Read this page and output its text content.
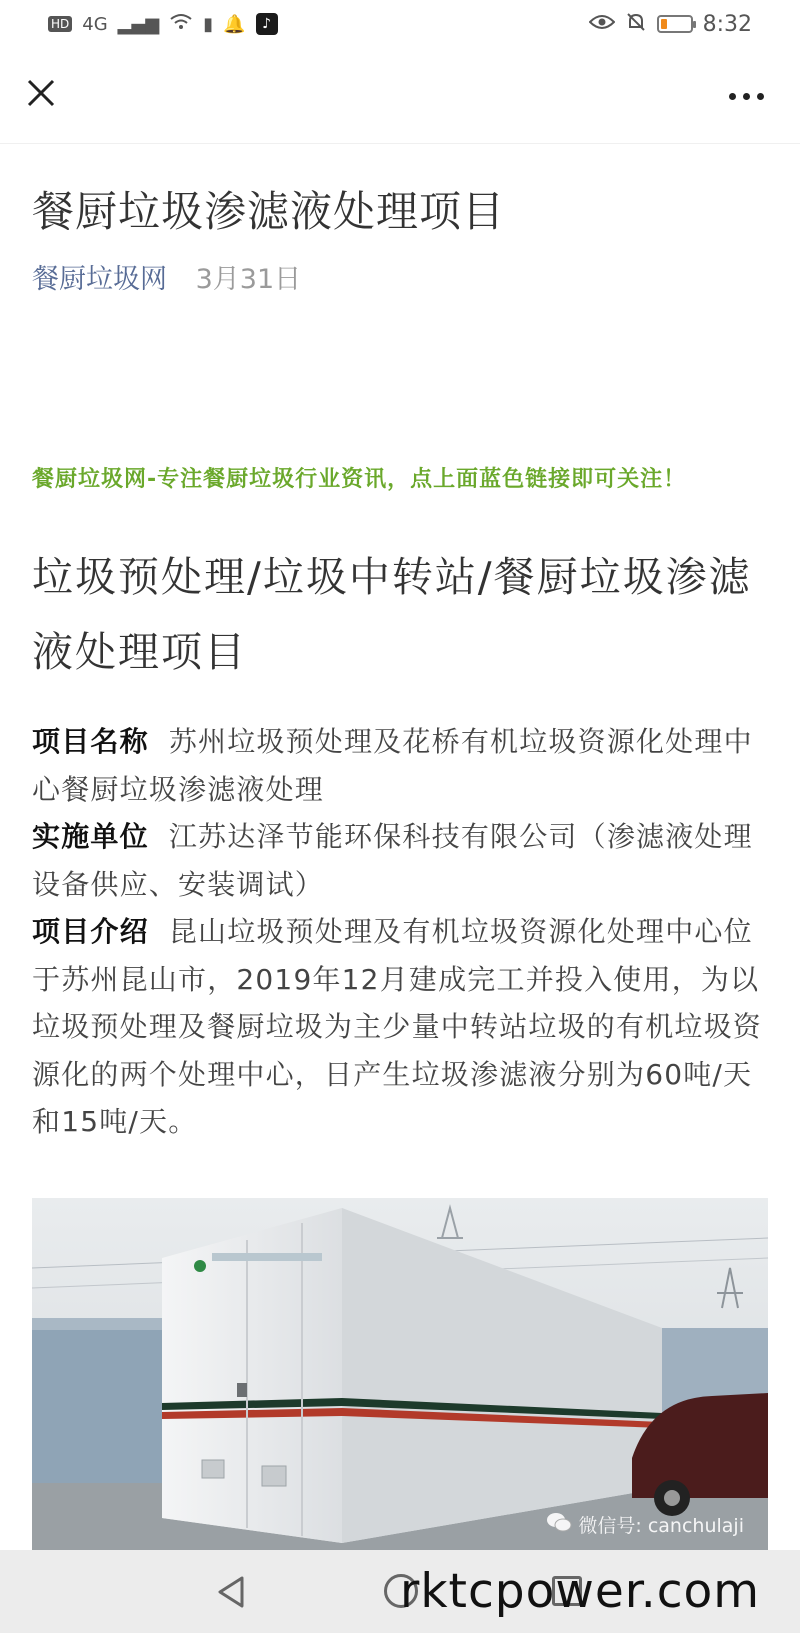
HD 4G ▂▄▆ ▮ 🔔	♪	8:32
餐厨垃圾渗滤液处理项目
餐厨垃圾网 3月31日
餐厨垃圾网-专注餐厨垃圾行业资讯，点上面蓝色链接即可关注！
垃圾预处理/垃圾中转站/餐厨垃圾渗滤液处理项目

项目名称 苏州垃圾预处理及花桥有机垃圾资源化处理中心餐厨垃圾渗滤液处理

实施单位 江苏达泽节能环保科技有限公司（渗滤液处理设备供应、安装调试）

项目介绍 昆山垃圾预处理及有机垃圾资源化处理中心位于苏州昆山市，2019年12月建成完工并投入使用，为以垃圾预处理及餐厨垃圾为主少量中转站垃圾的有机垃圾资源化的两个处理中心，日产生垃圾渗滤液分别为60吨/天和15吨/天。

微信号: canchulaji
rktcpower.com
